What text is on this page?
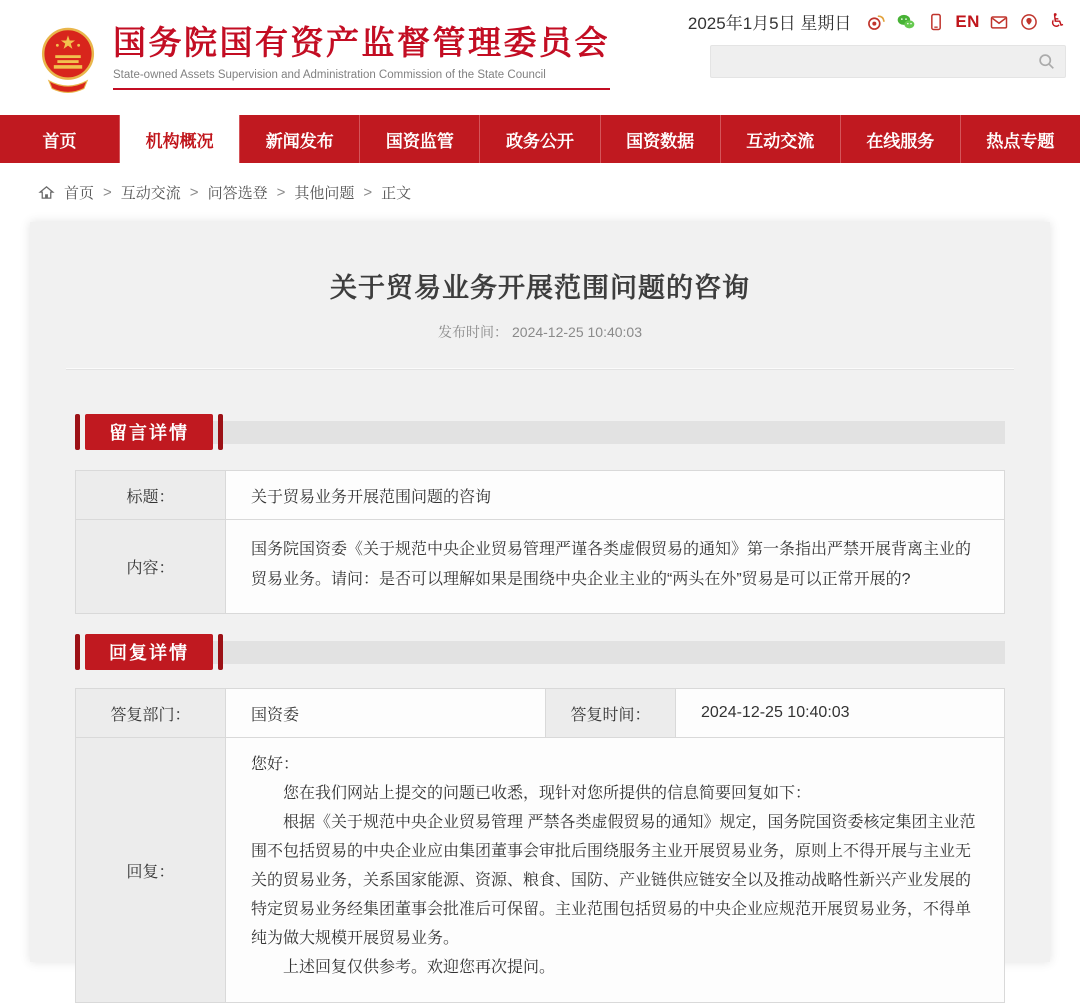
2025年1月5日 星期日	EN	♿
国务院国有资产监督管理委员会
State-owned Assets Supervision and Administration Commission of the State Council
首页	机构概况	新闻发布	国资监管	政务公开	国资数据	互动交流	在线服务	热点专题
首页 > 互动交流 > 问答选登 > 其他问题 > 正文
关于贸易业务开展范围问题的咨询
发布时间： 2024-12-25 10:40:03
留言详情
标题：	关于贸易业务开展范围问题的咨询
内容：
国务院国资委《关于规范中央企业贸易管理严谨各类虚假贸易的通知》第一条指出严禁开展背离主业的贸易业务。请问：是否可以理解如果是围绕中央企业主业的“两头在外”贸易是可以正常开展的?
回复详情
答复部门：	国资委	答复时间：	2024-12-25 10:40:03
回复：

您好：

您在我们网站上提交的问题已收悉，现针对您所提供的信息简要回复如下：

根据《关于规范中央企业贸易管理 严禁各类虚假贸易的通知》规定，国务院国资委核定集团主业范围不包括贸易的中央企业应由集团董事会审批后围绕服务主业开展贸易业务，原则上不得开展与主业无关的贸易业务，关系国家能源、资源、粮食、国防、产业链供应链安全以及推动战略性新兴产业发展的特定贸易业务经集团董事会批准后可保留。主业范围包括贸易的中央企业应规范开展贸易业务，不得单纯为做大规模开展贸易业务。

上述回复仅供参考。欢迎您再次提问。
